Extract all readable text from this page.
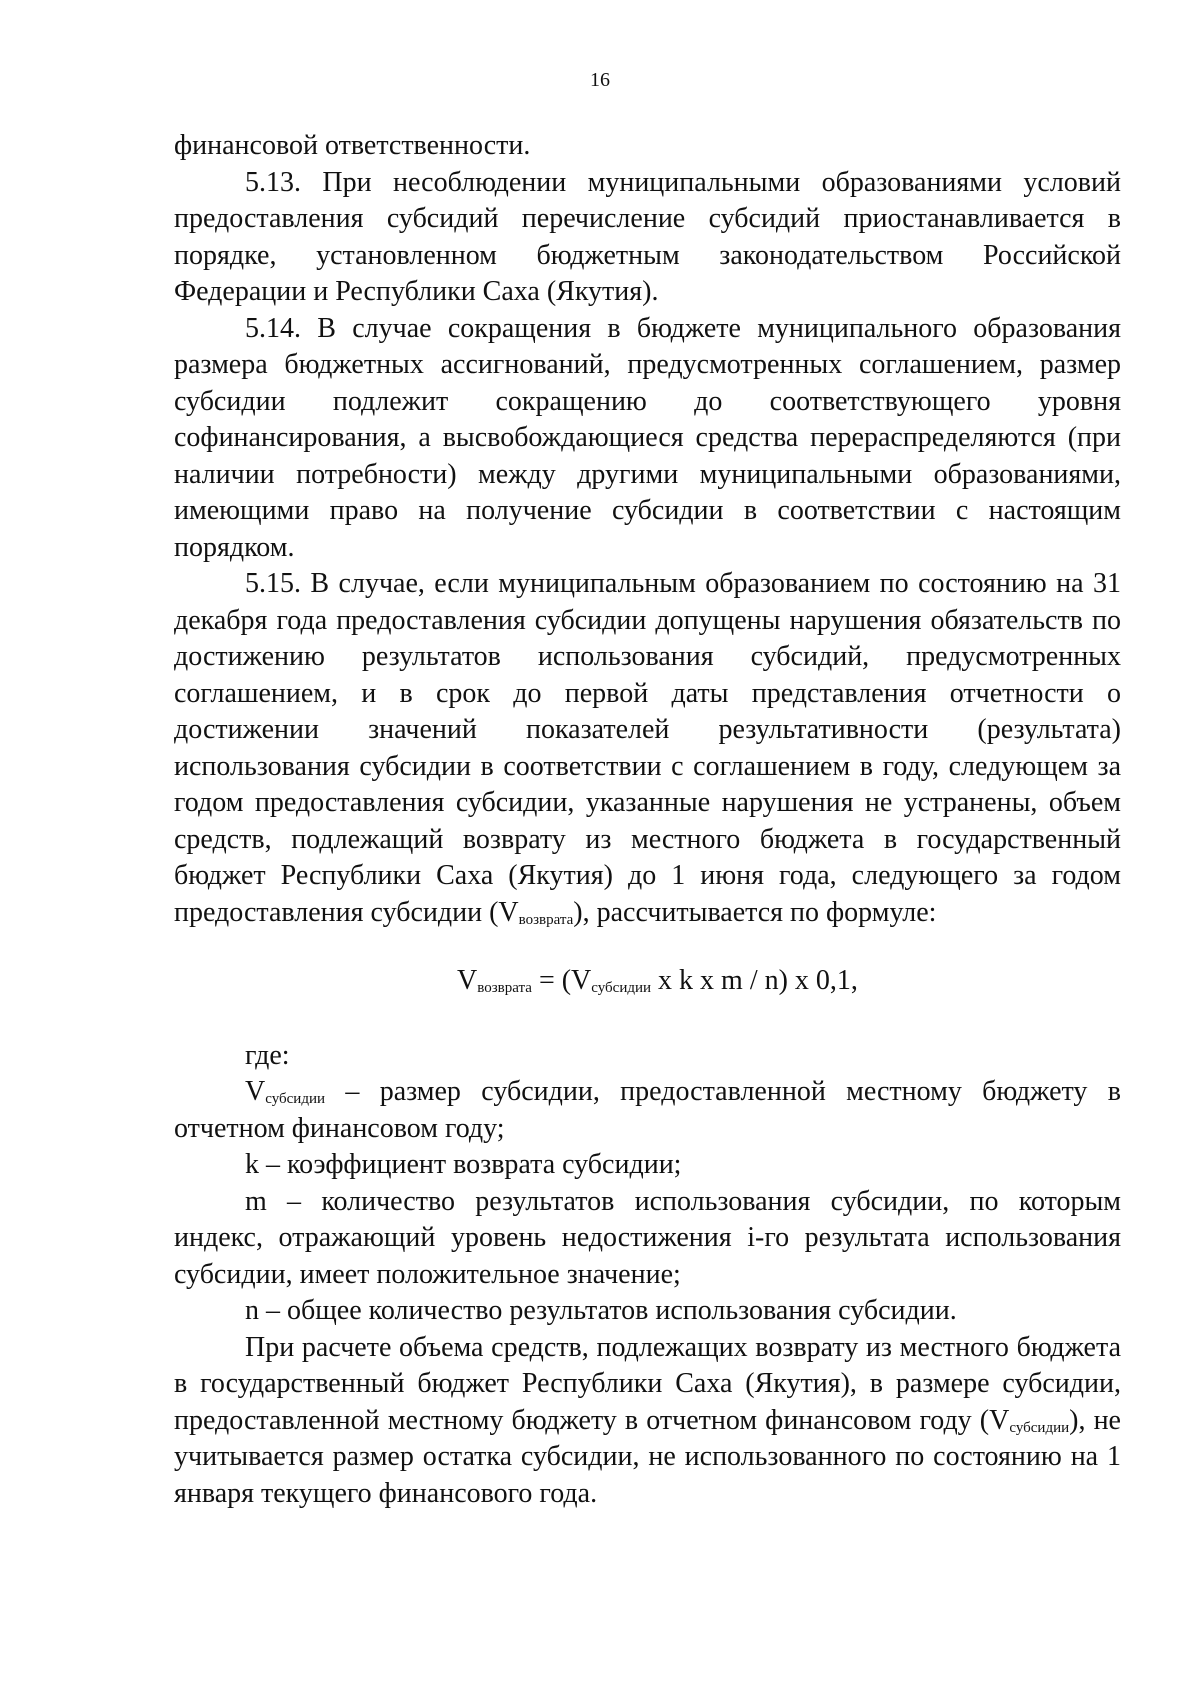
16

финансовой ответственности.

5.13. При несоблюдении муниципальными образованиями условий предоставления субсидий перечисление субсидий приостанавливается в порядке, установленном бюджетным законодательством Российской Федерации и Республики Саха (Якутия).

5.14. В случае сокращения в бюджете муниципального образования размера бюджетных ассигнований, предусмотренных соглашением, размер субсидии подлежит сокращению до соответствующего уровня софинансирования, а высвобождающиеся средства перераспределяются (при наличии потребности) между другими муниципальными образованиями, имеющими право на получение субсидии в соответствии с настоящим порядком.

5.15. В случае, если муниципальным образованием по состоянию на 31 декабря года предоставления субсидии допущены нарушения обязательств по достижению результатов использования субсидий, предусмотренных соглашением, и в срок до первой даты представления отчетности о достижении значений показателей результативности (результата) использования субсидии в соответствии с соглашением в году, следующем за годом предоставления субсидии, указанные нарушения не устранены, объем средств, подлежащий возврату из местного бюджета в государственный бюджет Республики Саха (Якутия) до 1 июня года, следующего за годом предоставления субсидии $(V_{возврата})$, рассчитывается по формуле:

$V_{возврата} = (V_{субсидии}$ x k x m / n) x 0,1,

где:

$V_{субсидии}$ – размер субсидии, предоставленной местному бюджету в отчетном финансовом году;

k – коэффициент возврата субсидии;

m – количество результатов использования субсидии, по которым индекс, отражающий уровень недостижения i-го результата использования субсидии, имеет положительное значение;

n – общее количество результатов использования субсидии.

При расчете объема средств, подлежащих возврату из местного бюджета в государственный бюджет Республики Саха (Якутия), в размере субсидии, предоставленной местному бюджету в отчетном финансовом году $(V_{субсидии})$, не учитывается размер остатка субсидии, не использованного по состоянию на 1 января текущего финансового года.
